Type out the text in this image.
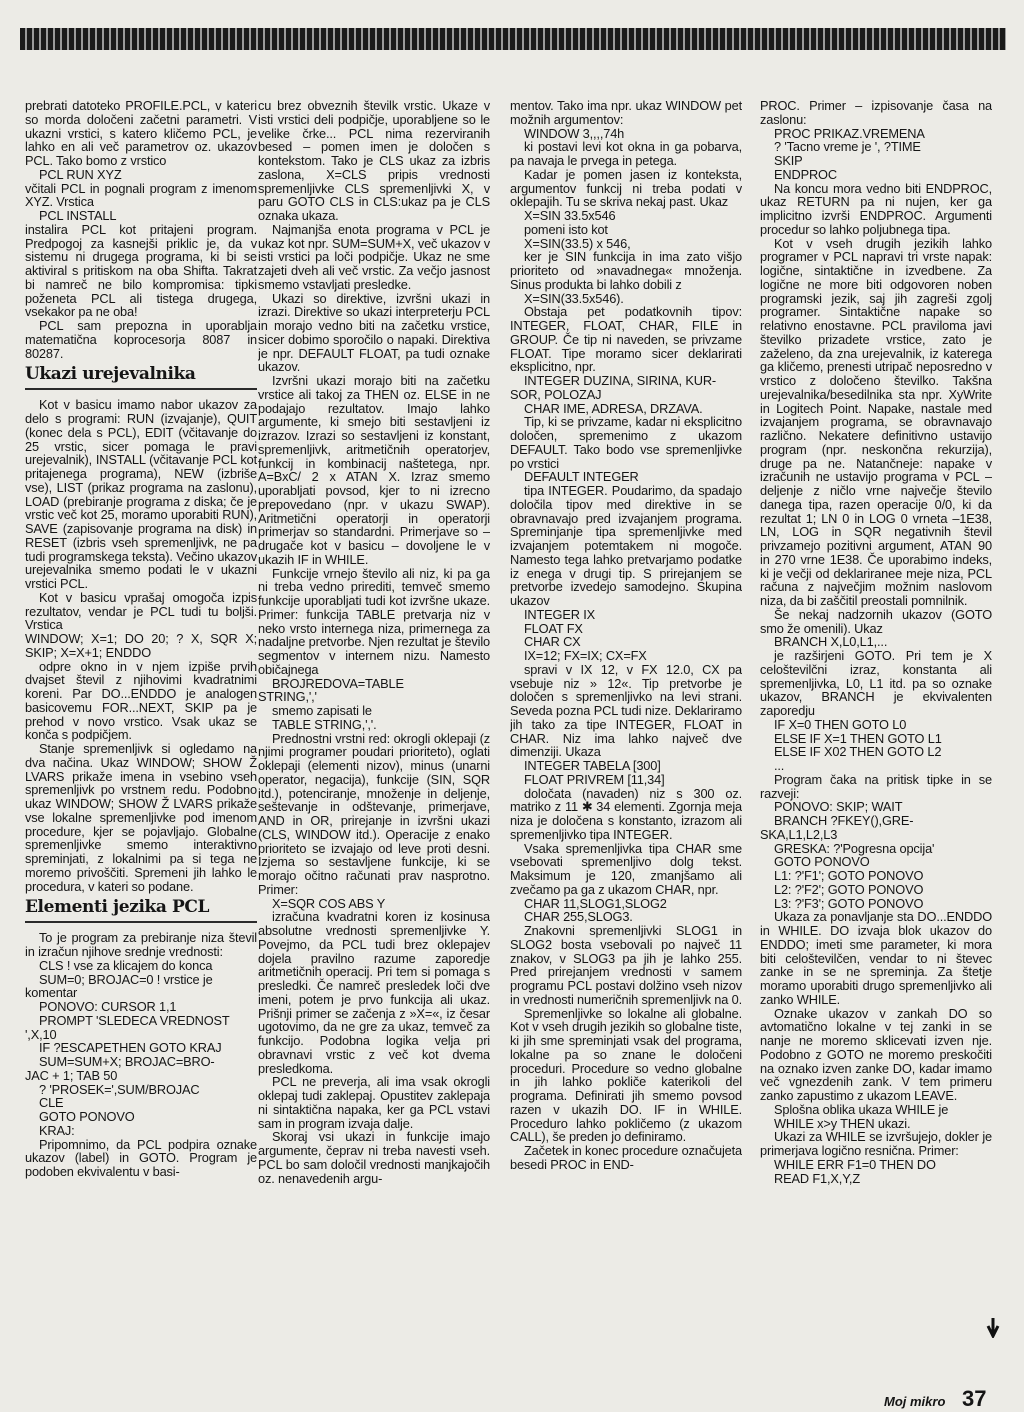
prebrati datoteko PROFILE.PCL, v kateri so morda določeni začetni parametri. V ukazni vrstici, s katero kličemo PCL, je lahko en ali več parametrov oz. ukazov PCL. Tako bomo z vrstico

PCL RUN XYZ

včitali PCL in pognali program z imenom XYZ. Vrstica

PCL INSTALL

instalira PCL kot pritajeni program. Predpogoj za kasnejši priklic je, da v sistemu ni drugega programa, ki bi se aktiviral s pritiskom na oba Shifta. Takrat bi namreč ne bilo kompromisa: tipki poženeta PCL ali tistega drugega, vsekakor pa ne oba!

PCL sam prepozna in uporablja matematična koprocesorja 8087 in 80287.

Ukazi urejevalnika

Kot v basicu imamo nabor ukazov za delo s programi: RUN (izvajanje), QUIT (konec dela s PCL), EDIT (včitavanje do 25 vrstic, sicer pomaga le pravi urejevalnik), INSTALL (včitavanje PCL kot pritajenega programa), NEW (izbriše vse), LIST (prikaz programa na zaslonu), LOAD (prebiranje programa z diska; če je vrstic več kot 25, moramo uporabiti RUN), SAVE (zapisovanje programa na disk) in RESET (izbris vseh spremenljivk, ne pa tudi programskega teksta). Večino ukazov urejevalnika smemo podati le v ukazni vrstici PCL.

Kot v basicu vprašaj omogoča izpis rezultatov, vendar je PCL tudi tu boljši. Vrstica

WINDOW; X=1; DO 20; ? X, SQR X; SKIP; X=X+1; ENDDO

odpre okno in v njem izpiše prvih dvajset števil z njihovimi kvadratnimi koreni. Par DO...ENDDO je analogen basicovemu FOR...NEXT, SKIP pa je prehod v novo vrstico. Vsak ukaz se konča s podpičjem.

Stanje spremenljivk si ogledamo na dva načina. Ukaz WINDOW; SHOW Ž LVARS prikaže imena in vsebino vseh spremenljivk po vrstnem redu. Podobno ukaz WINDOW; SHOW Ž LVARS prikaže vse lokalne spremenljivke pod imenom procedure, kjer se pojavljajo. Globalne spremenljivke smemo interaktivno spreminjati, z lokalnimi pa si tega ne moremo privoščiti. Spremeni jih lahko le procedura, v kateri so podane.

Elementi jezika PCL

To je program za prebiranje niza števil in izračun njihove srednje vrednosti:

CLS ! vse za klicajem do konca

SUM=0; BROJAC=0 ! vrstice je

komentar

PONOVO: CURSOR 1,1

PROMPT 'SLEDECA VREDNOST

',X,10

IF ?ESCAPETHEN GOTO KRAJ

SUM=SUM+X; BROJAC=BRO-

JAC + 1; TAB 50

? 'PROSEK=',SUM/BROJAC

CLE

GOTO PONOVO

KRAJ:

Pripomnimo, da PCL podpira oznake ukazov (label) in GOTO. Program je podoben ekvivalentu v basi-

cu brez obveznih številk vrstic. Ukaze v isti vrstici deli podpičje, uporabljene so le velike črke... PCL nima rezerviranih besed – pomen imen je določen s kontekstom. Tako je CLS ukaz za izbris zaslona, X=CLS pripis vrednosti spremenljivke CLS spremenljivki X, v paru GOTO CLS in CLS:ukaz pa je CLS oznaka ukaza.

Najmanjša enota programa v PCL je ukaz kot npr. SUM=SUM+X, več ukazov v isti vrstici pa loči podpičje. Ukaz ne sme zajeti dveh ali več vrstic. Za večjo jasnost smemo vstavljati presledke.

Ukazi so direktive, izvršni ukazi in izrazi. Direktive so ukazi interpreterju PCL in morajo vedno biti na začetku vrstice, sicer dobimo sporočilo o napaki. Direktiva je npr. DEFAULT FLOAT, pa tudi oznake ukazov.

Izvršni ukazi morajo biti na začetku vrstice ali takoj za THEN oz. ELSE in ne podajajo rezultatov. Imajo lahko argumente, ki smejo biti sestavljeni iz izrazov. Izrazi so sestavljeni iz konstant, spremenljivk, aritmetičnih operatorjev, funkcij in kombinacij naštetega, npr. A=BxC/ 2 x ATAN X. Izraz smemo uporabljati povsod, kjer to ni izrecno prepovedano (npr. v ukazu SWAP). Aritmetični operatorji in operatorji primerjav so standardni. Primerjave so – drugače kot v basicu – dovoljene le v ukazih IF in WHILE.

Funkcije vrnejo število ali niz, ki pa ga ni treba vedno prirediti, temveč smemo funkcije uporabljati tudi kot izvršne ukaze. Primer: funkcija TABLE pretvarja niz v neko vrsto internega niza, primernega za nadaljne pretvorbe. Njen rezultat je število segmentov v internem nizu. Namesto običajnega

BROJREDOVA=TABLE

STRING,','

smemo zapisati le

TABLE STRING,','.

Prednostni vrstni red: okrogli oklepaji (z njimi programer poudari prioriteto), oglati oklepaji (elementi nizov), minus (unarni operator, negacija), funkcije (SIN, SQR itd.), potenciranje, množenje in deljenje, seštevanje in odštevanje, primerjave, AND in OR, prirejanje in izvršni ukazi (CLS, WINDOW itd.). Operacije z enako prioriteto se izvajajo od leve proti desni. Izjema so sestavljene funkcije, ki se morajo očitno računati prav nasprotno. Primer:

X=SQR COS ABS Y

izračuna kvadratni koren iz kosinusa absolutne vrednosti spremenljivke Y. Povejmo, da PCL tudi brez oklepajev dojela pravilno razume zaporedje aritmetičnih operacij. Pri tem si pomaga s presledki. Če namreč presledek loči dve imeni, potem je prvo funkcija ali ukaz. Prišnji primer se začenja z »X=«, iz česar ugotovimo, da ne gre za ukaz, temveč za funkcijo. Podobna logika velja pri obravnavi vrstic z več kot dvema presledkoma.

PCL ne preverja, ali ima vsak okrogli oklepaj tudi zaklepaj. Opustitev zaklepaja ni sintaktična napaka, ker ga PCL vstavi sam in program izvaja dalje.

Skoraj vsi ukazi in funkcije imajo argumente, čeprav ni treba navesti vseh. PCL bo sam določil vrednosti manjkajočih oz. nenavedenih argu-

mentov. Tako ima npr. ukaz WINDOW pet možnih argumentov:

WINDOW 3,,,,74h

ki postavi levi kot okna in ga pobarva, pa navaja le prvega in petega.

Kadar je pomen jasen iz konteksta, argumentov funkcij ni treba podati v oklepajih. Tu se skriva nekaj past. Ukaz

X=SIN 33.5x546

pomeni isto kot

X=SIN(33.5) x 546,

ker je SIN funkcija in ima zato višjo prioriteto od »navadnega« množenja. Sinus produkta bi lahko dobili z

X=SIN(33.5x546).

Obstaja pet podatkovnih tipov: INTEGER, FLOAT, CHAR, FILE in GROUP. Če tip ni naveden, se privzame FLOAT. Tipe moramo sicer deklarirati eksplicitno, npr.

INTEGER DUZINA, SIRINA, KUR-

SOR, POLOZAJ

CHAR IME, ADRESA, DRZAVA.

Tip, ki se privzame, kadar ni eksplicitno določen, spremenimo z ukazom DEFAULT. Tako bodo vse spremenljivke po vrstici

DEFAULT INTEGER

tipa INTEGER. Poudarimo, da spadajo določila tipov med direktive in se obravnavajo pred izvajanjem programa. Spreminjanje tipa spremenljivke med izvajanjem potemtakem ni mogoče. Namesto tega lahko pretvarjamo podatke iz enega v drugi tip. S prirejanjem se pretvorbe izvedejo samodejno. Skupina ukazov

INTEGER IX

FLOAT FX

CHAR CX

IX=12; FX=IX; CX=FX

spravi v IX 12, v FX 12.0, CX pa vsebuje niz » 12«. Tip pretvorbe je določen s spremenljivko na levi strani. Seveda pozna PCL tudi nize. Deklariramo jih tako za tipe INTEGER, FLOAT in CHAR. Niz ima lahko največ dve dimenziji. Ukaza

INTEGER TABELA [300]

FLOAT PRIVREM [11,34]

določata (navaden) niz s 300 oz. matriko z 11 ✱ 34 elementi. Zgornja meja niza je določena s konstanto, izrazom ali spremenljivko tipa INTEGER.

Vsaka spremenljivka tipa CHAR sme vsebovati spremenljivo dolg tekst. Maksimum je 120, zmanjšamo ali zvečamo pa ga z ukazom CHAR, npr.

CHAR 11,SLOG1,SLOG2

CHAR 255,SLOG3.

Znakovni spremenljivki SLOG1 in SLOG2 bosta vsebovali po največ 11 znakov, v SLOG3 pa jih je lahko 255. Pred prirejanjem vrednosti v samem programu PCL postavi dolžino vseh nizov in vrednosti numeričnih spremenljivk na 0.

Spremenljivke so lokalne ali globalne. Kot v vseh drugih jezikih so globalne tiste, ki jih sme spreminjati vsak del programa, lokalne pa so znane le določeni proceduri. Procedure so vedno globalne in jih lahko pokliče katerikoli del programa. Definirati jih smemo povsod razen v ukazih DO. IF in WHILE. Proceduro lahko pokličemo (z ukazom CALL), še preden jo definiramo.

Začetek in konec procedure označujeta besedi PROC in END-

PROC. Primer – izpisovanje časa na zaslonu:

PROC PRIKAZ.VREMENA

? 'Tacno vreme je ', ?TIME

SKIP

ENDPROC

Na koncu mora vedno biti ENDPROC, ukaz RETURN pa ni nujen, ker ga implicitno izvrši ENDPROC. Argumenti procedur so lahko poljubnega tipa.

Kot v vseh drugih jezikih lahko programer v PCL napravi tri vrste napak: logične, sintaktične in izvedbene. Za logične ne more biti odgovoren noben programski jezik, saj jih zagreši zgolj programer. Sintaktične napake so relativno enostavne. PCL praviloma javi številko prizadete vrstice, zato je zaželeno, da zna urejevalnik, iz katerega ga kličemo, prenesti utripač neposredno v vrstico z določeno številko. Takšna urejevalnika/besedilnika sta npr. XyWrite in Logitech Point. Napake, nastale med izvajanjem programa, se obravnavajo različno. Nekatere definitivno ustavijo program (npr. neskončna rekurzija), druge pa ne. Natančneje: napake v izračunih ne ustavijo programa v PCL – deljenje z ničlo vrne največje število danega tipa, razen operacije 0/0, ki da rezultat 1; LN 0 in LOG 0 vrneta –1E38, LN, LOG in SQR negativnih števil privzamejo pozitivni argument, ATAN 90 in 270 vrne 1E38. Če uporabimo indeks, ki je večji od deklariranee meje niza, PCL računa z največjim možnim naslovom niza, da bi zaščitil preostali pomnilnik.

Še nekaj nadzornih ukazov (GOTO smo že omenili). Ukaz

BRANCH X,L0,L1,...

je razširjeni GOTO. Pri tem je X celoštevilčni izraz, konstanta ali spremenljivka, L0, L1 itd. pa so oznake ukazov, BRANCH je ekvivalenten zaporedju

IF X=0 THEN GOTO L0

ELSE IF X=1 THEN GOTO L1

ELSE IF X02 THEN GOTO L2

...

Program čaka na pritisk tipke in se razveji:

PONOVO: SKIP; WAIT

BRANCH ?FKEY(),GRE-

SKA,L1,L2,L3

GRESKA: ?'Pogresna opcija'

GOTO PONOVO

L1: ?'F1'; GOTO PONOVO

L2: ?'F2'; GOTO PONOVO

L3: ?'F3'; GOTO PONOVO

Ukaza za ponavljanje sta DO...ENDDO in WHILE. DO izvaja blok ukazov do ENDDO; imeti sme parameter, ki mora biti celoštevilčen, vendar to ni števec zanke in se ne spreminja. Za štetje moramo uporabiti drugo spremenljivko ali zanko WHILE.

Oznake ukazov v zankah DO so avtomatično lokalne v tej zanki in se nanje ne moremo sklicevati izven nje. Podobno z GOTO ne moremo preskočiti na oznako izven zanke DO, kadar imamo več vgnezdenih zank. V tem primeru zanko zapustimo z ukazom LEAVE.

Splošna oblika ukaza WHILE je

WHILE x>y THEN ukazi.

Ukazi za WHILE se izvršujejo, dokler je primerjava logično resnična. Primer:

WHILE ERR F1=0 THEN DO

READ F1,X,Y,Z

Moj mikro 37
